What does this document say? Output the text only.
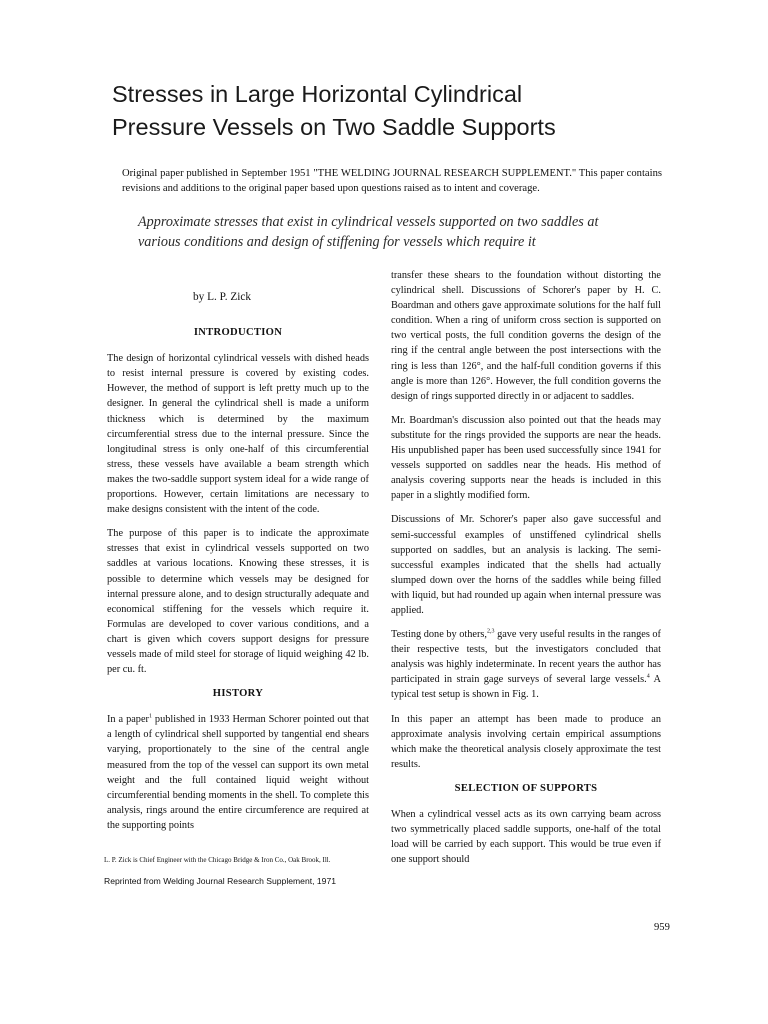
Stresses in Large Horizontal Cylindrical
Pressure Vessels on Two Saddle Supports

Original paper published in September 1951 "THE WELDING JOURNAL RESEARCH SUPPLEMENT." This paper contains revisions and additions to the original paper based upon questions raised as to intent and coverage.

Approximate stresses that exist in cylindrical vessels supported on two saddles at
various conditions and design of stiffening for vessels which require it

by L. P. Zick

INTRODUCTION

The design of horizontal cylindrical vessels with dished heads to resist internal pressure is covered by existing codes. However, the method of support is left pretty much up to the designer. In general the cylindrical shell is made a uniform thickness which is determined by the maximum circumferential stress due to the internal pressure. Since the longitudinal stress is only one-half of this circumferential stress, these vessels have available a beam strength which makes the two-saddle support system ideal for a wide range of proportions. However, certain limitations are necessary to make designs consistent with the intent of the code.

The purpose of this paper is to indicate the approximate stresses that exist in cylindrical vessels supported on two saddles at various locations. Knowing these stresses, it is possible to determine which vessels may be designed for internal pressure alone, and to design structurally adequate and economical stiffening for the vessels which require it. Formulas are developed to cover various conditions, and a chart is given which covers support designs for pressure vessels made of mild steel for storage of liquid weighing 42 lb. per cu. ft.

HISTORY

In a paper$^1$ published in 1933 Herman Schorer pointed out that a length of cylindrical shell supported by tangential end shears varying, proportionately to the sine of the central angle measured from the top of the vessel can support its own metal weight and the full contained liquid weight without circumferential bending moments in the shell. To complete this analysis, rings around the entire circumference are required at the supporting points

transfer these shears to the foundation without distorting the cylindrical shell. Discussions of Schorer's paper by H. C. Boardman and others gave approximate solutions for the half full condition. When a ring of uniform cross section is supported on two vertical posts, the full condition governs the design of the ring if the central angle between the post intersections with the ring is less than 126°, and the half-full condition governs if this angle is more than 126°. However, the full condition governs the design of rings supported directly in or adjacent to saddles.

Mr. Boardman's discussion also pointed out that the heads may substitute for the rings provided the supports are near the heads. His unpublished paper has been used successfully since 1941 for vessels supported on saddles near the heads. His method of analysis covering supports near the heads is included in this paper in a slightly modified form.

Discussions of Mr. Schorer's paper also gave successful and semi-successful examples of unstiffened cylindrical shells supported on saddles, but an analysis is lacking. The semi-successful examples indicated that the shells had actually slumped down over the horns of the saddles while being filled with liquid, but had rounded up again when internal pressure was applied.

Testing done by others,$^{2,3}$ gave very useful results in the ranges of their respective tests, but the investigators concluded that analysis was highly indeterminate. In recent years the author has participated in strain gage surveys of several large vessels.$^4$ A typical test setup is shown in Fig. 1.

In this paper an attempt has been made to produce an approximate analysis involving certain empirical assumptions which make the theoretical analysis closely approximate the test results.

SELECTION OF SUPPORTS

When a cylindrical vessel acts as its own carrying beam across two symmetrically placed saddle supports, one-half of the total load will be carried by each support. This would be true even if one support should

L. P. Zick is Chief Engineer with the Chicago Bridge & Iron Co., Oak Brook, Ill.

Reprinted from Welding Journal Research Supplement, 1971

959
